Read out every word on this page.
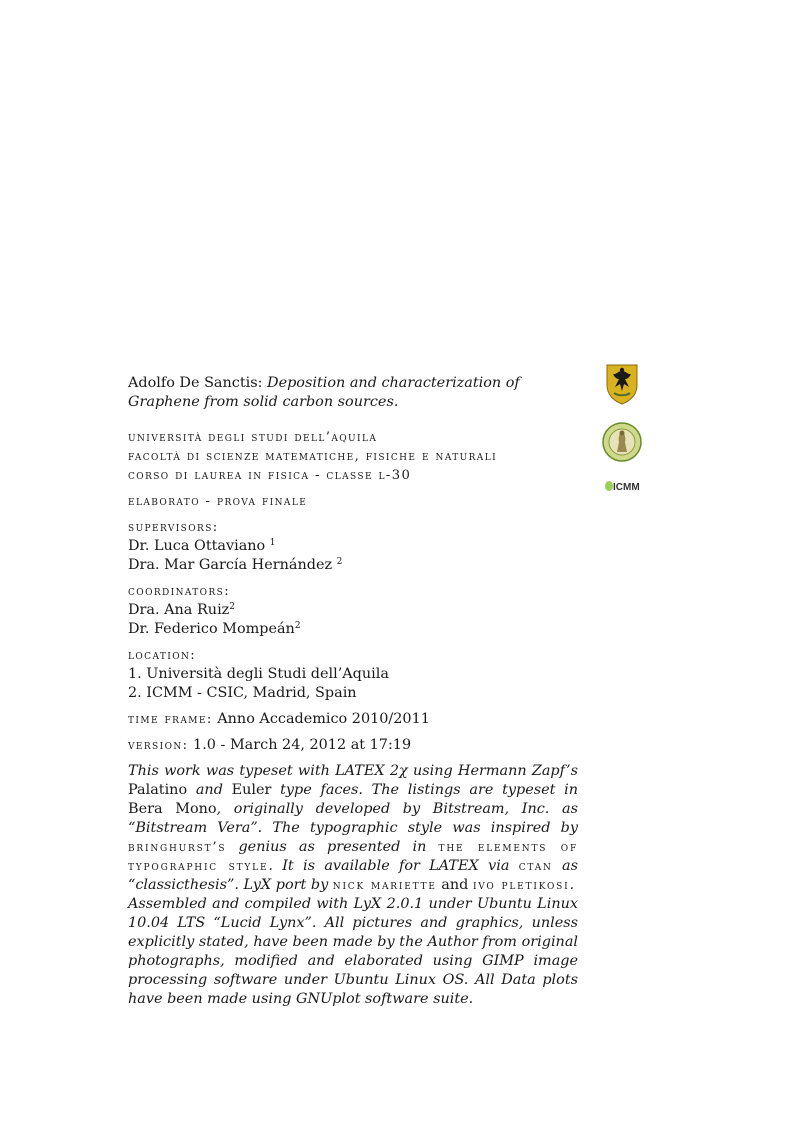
Adolfo De Sanctis: Deposition and characterization of Graphene from solid carbon sources.
università degli studi dell’aquila
facoltà di scienze matematiche, fisiche e naturali
corso di laurea in fisica - classe l-30
elaborato - prova finale
supervisors:
Dr. Luca Ottaviano $^1$
Dra. Mar García Hernández $^2$
coordinators:
Dra. Ana Ruiz$^2$
Dr. Federico Mompeán$^2$
location:
1. Università degli Studi dell’Aquila
2. ICMM - CSIC, Madrid, Spain
time frame: Anno Accademico 2010/2011
version: 1.0 - March 24, 2012 at 17:19
This work was typeset with LATEX 2χ using Hermann Zapf’s Palatino and Euler type faces. The listings are typeset in Bera Mono, originally developed by Bitstream, Inc. as “Bitstream Vera”. The typographic style was inspired by bringhurst’s genius as presented in the elements of typographic style. It is available for LATEX via ctan as “classicthesis”. LyX port by nick mariette and ivo pletikosi.
Assembled and compiled with LyX 2.0.1 under Ubuntu Linux 10.04 LTS “Lucid Lynx”. All pictures and graphics, unless explicitly stated, have been made by the Author from original photographs, modified and elaborated using GIMP image processing software under Ubuntu Linux OS. All Data plots have been made using GNUplot software suite.
ICMM
